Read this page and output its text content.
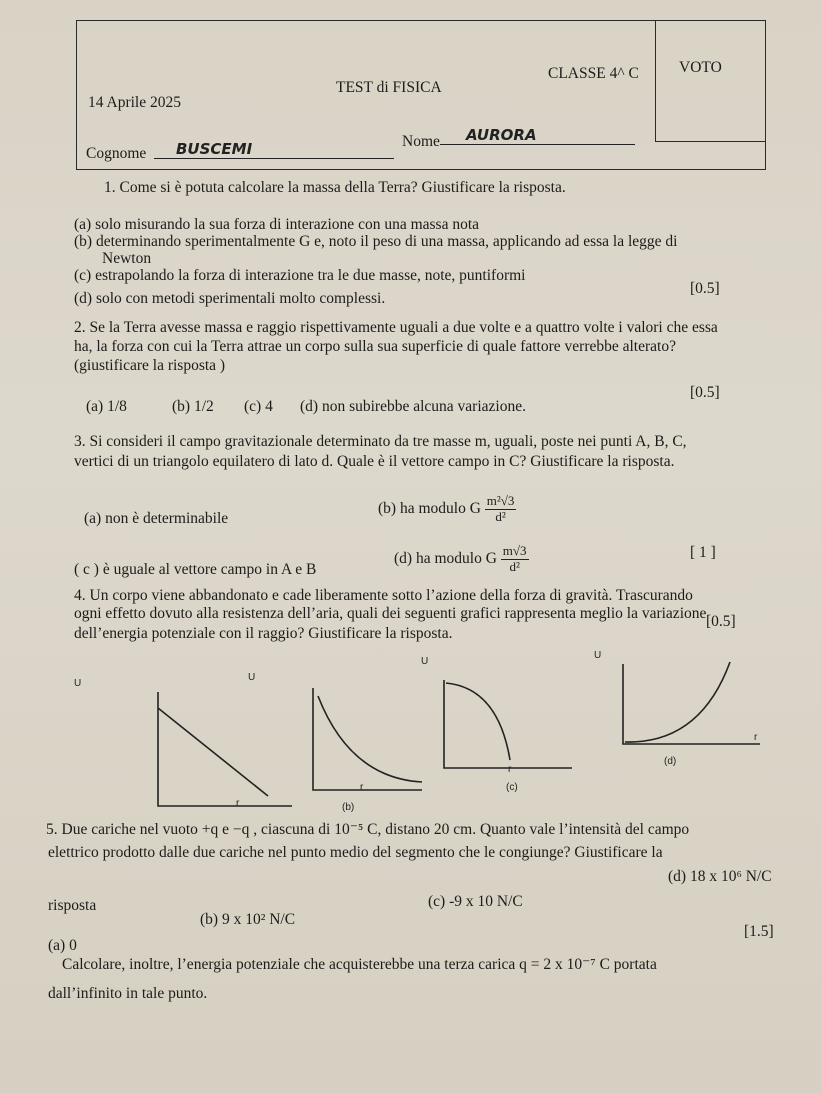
14 Aprile 2025
TEST di FISICA
CLASSE 4^ C	VOTO
Cognome	BUSCEMI	Nome	AURORA
1. Come si è potuta calcolare la massa della Terra? Giustificare la risposta.
(a) solo misurando la sua forza di interazione con una massa nota
(b) determinando sperimentalmente G e, noto il peso di una massa, applicando ad essa la legge di
Newton
(c) estrapolando la forza di interazione tra le due masse, note, puntiformi
[0.5]
(d) solo con metodi sperimentali molto complessi.
2. Se la Terra avesse massa e raggio rispettivamente uguali a due volte e a quattro volte i valori che essa
ha, la forza con cui la Terra attrae un corpo sulla sua superficie di quale fattore verrebbe alterato?
(giustificare la risposta )
[0.5]
(a) 1/8	(b) 1/2 (c) 4 (d) non subirebbe alcuna variazione.
3. Si consideri il campo gravitazionale determinato da tre masse m, uguali, poste nei punti A, B, C,
vertici di un triangolo equilatero di lato d. Quale è il vettore campo in C? Giustificare la risposta.
(a) non è determinabile
(b) ha modulo G $\frac{\text{m²√3}}{\text{d²}}$
[ 1 ]
( c ) è uguale al vettore campo in A e B
(d) ha modulo G $\frac{m√3}{\text{d²}}$
4. Un corpo viene abbandonato e cade liberamente sotto l’azione della forza di gravità. Trascurando
ogni effetto dovuto alla resistenza dell’aria, quali dei seguenti grafici rappresenta meglio la variazione [0.5]
dell’energia potenziale con il raggio? Giustificare la risposta.
U
r
U
r
(b)
U
r
(c)
U
r
(d)
5. Due cariche nel vuoto +q e −q , ciascuna di 10⁻⁵ C, distano 20 cm. Quanto vale l’intensità del campo
elettrico prodotto dalle due cariche nel punto medio del segmento che le congiunge? Giustificare la
risposta
(d) 18 x 10⁶ N/C
(c) -9 x 10 N/C
(b) 9 x 10² N/C
(a) 0
[1.5]
Calcolare, inoltre, l’energia potenziale che acquisterebbe una terza carica q = 2 x 10⁻⁷ C portata
dall’infinito in tale punto.
